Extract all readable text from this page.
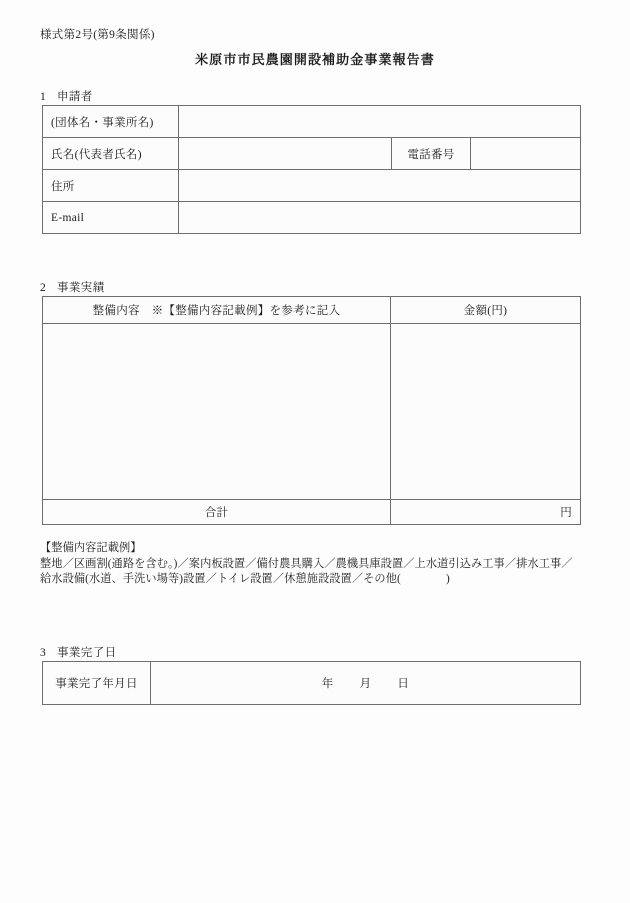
様式第2号(第9条関係)
米原市市民農園開設補助金事業報告書
1 申請者
(団体名・事業所名)			
氏名(代表者氏名)		電話番号	
住所			
E-mail			
2 事業実績
整備内容　※【整備内容記載例】を参考に記入	金額(円)

合計	円
【整備内容記載例】
整地／区画割(通路を含む。)／案内板設置／備付農具購入／農機具庫設置／上水道引込み工事／排水工事／
給水設備(水道、手洗い場等)設置／トイレ設置／休憩施設設置／その他(　　　　)
3 事業完了日
事業完了年月日	年 月 日
